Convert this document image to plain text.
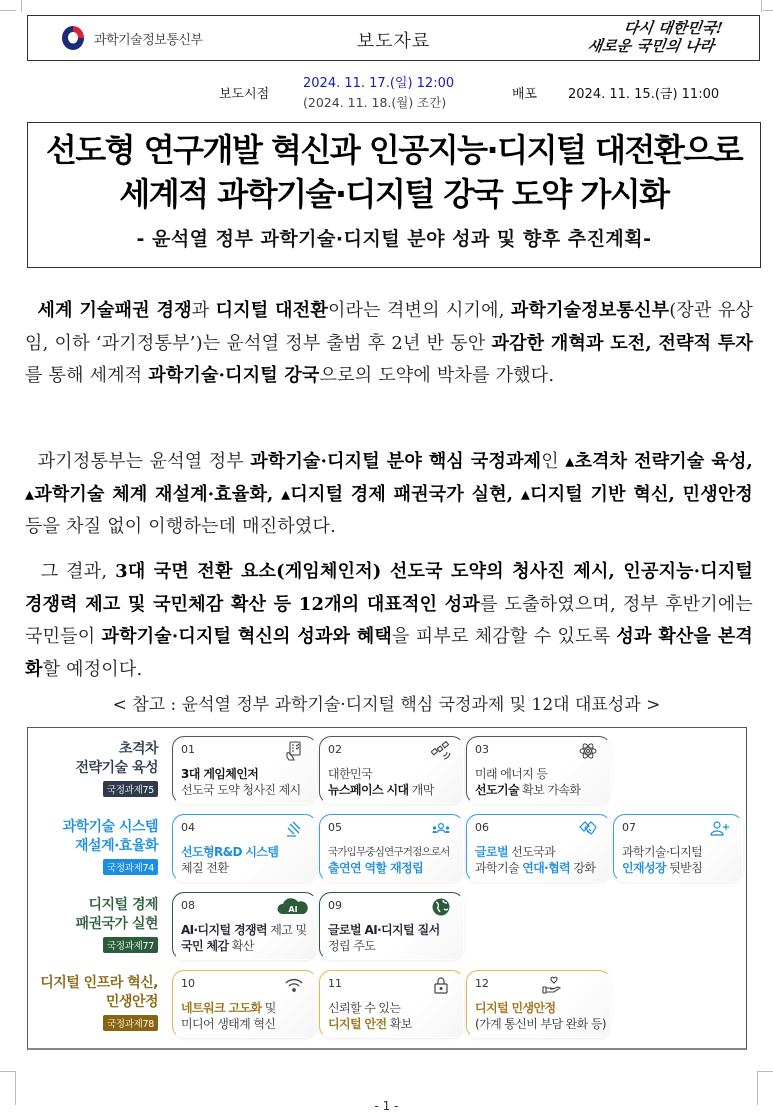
과학기술정보통신부	보도자료
다시 대한민국!
새로운 국민의 나라
보도시점
2024. 11. 17.(일) 12:00
(2024. 11. 18.(월) 조간)
배포 2024. 11. 15.(금) 11:00
선도형 연구개발 혁신과 인공지능·디지털 대전환으로
세계적 과학기술·디지털 강국 도약 가시화
- 윤석열 정부 과학기술·디지털 분야 성과 및 향후 추진계획-
세계 기술패권 경쟁과 디지털 대전환이라는 격변의 시기에, 과학기술정보통신부(장관 유상임, 이하 ‘과기정통부’)는 윤석열 정부 출범 후 2년 반 동안 과감한 개혁과 도전, 전략적 투자를 통해 세계적 과학기술·디지털 강국으로의 도약에 박차를 가했다.
과기정통부는 윤석열 정부 과학기술·디지털 분야 핵심 국정과제인 ▴초격차 전략기술 육성, ▴과학기술 체계 재설계·효율화, ▴디지털 경제 패권국가 실현, ▴디지털 기반 혁신, 민생안정 등을 차질 없이 이행하는데 매진하였다.
그 결과, 3대 국면 전환 요소(게임체인저) 선도국 도약의 청사진 제시, 인공지능·디지털 경쟁력 제고 및 국민체감 확산 등 12개의 대표적인 성과를 도출하였으며, 정부 후반기에는 국민들이 과학기술·디지털 혁신의 성과와 혜택을 피부로 체감할 수 있도록 성과 확산을 본격화할 예정이다.
< 참고 : 윤석열 정부 과학기술·디지털 핵심 국정과제 및 12대 대표성과 >
초격차
전략기술 육성
국정과제75
과학기술 시스템
재설계·효율화
국정과제74
디지털 경제
패권국가 실현
국정과제77
디지털 인프라 혁신,
민생안정
국정과제78
01
3대 게임체인저
선도국 도약 청사진 제시
02
대한민국
뉴스페이스 시대 개막
03
미래 에너지 등
선도기술 확보 가속화
04
선도형R&D 시스템
체질 전환
05
국가임무중심연구거점으로서
출연연 역할 재정립
06
글로벌 선도국과
과학기술 연대·협력 강화
07
과학기술·디지털
인재성장 뒷받침
08	AI
AI·디지털 경쟁력 제고 및
국민 체감 확산
09
글로벌 AI·디지털 질서
정립 주도
10
네트워크 고도화 및
미디어 생태계 혁신
11
신뢰할 수 있는
디지털 안전 확보
12
디지털 민생안정
(가계 통신비 부담 완화 등)
- 1 -
